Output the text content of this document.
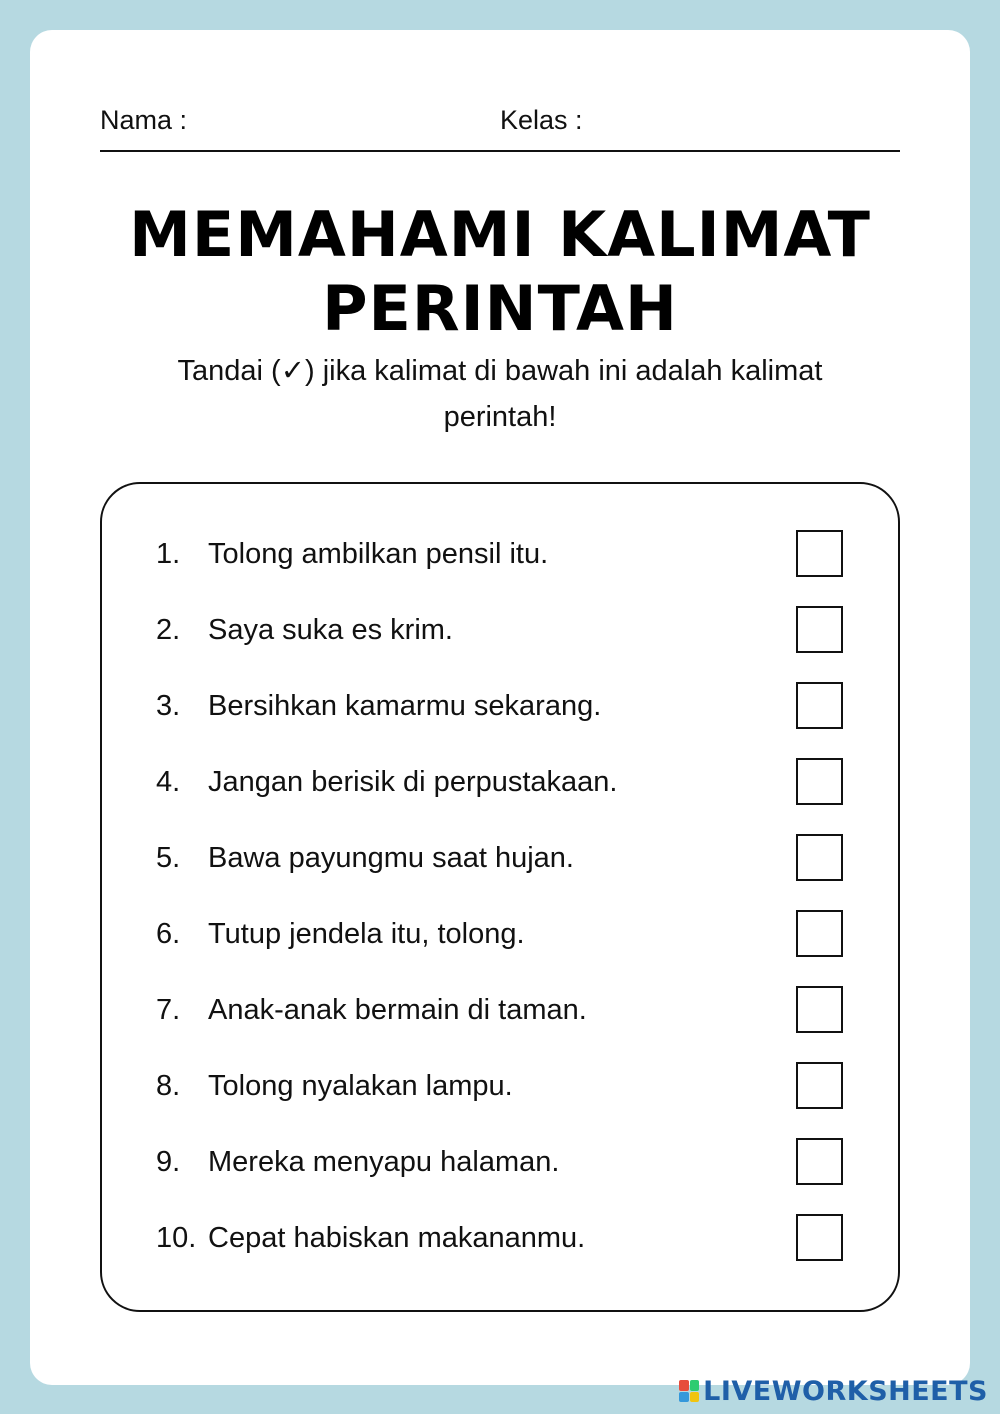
Nama :	Kelas :
MEMAHAMI KALIMAT
PERINTAH
Tandai (✓) jika kalimat di bawah ini adalah kalimat
perintah!
1. Tolong ambilkan pensil itu.
2. Saya suka es krim.
3. Bersihkan kamarmu sekarang.
4. Jangan berisik di perpustakaan.
5. Bawa payungmu saat hujan.
6. Tutup jendela itu, tolong.
7. Anak-anak bermain di taman.
8. Tolong nyalakan lampu.
9. Mereka menyapu halaman.
10. Cepat habiskan makananmu.
LIVEWORKSHEETS
